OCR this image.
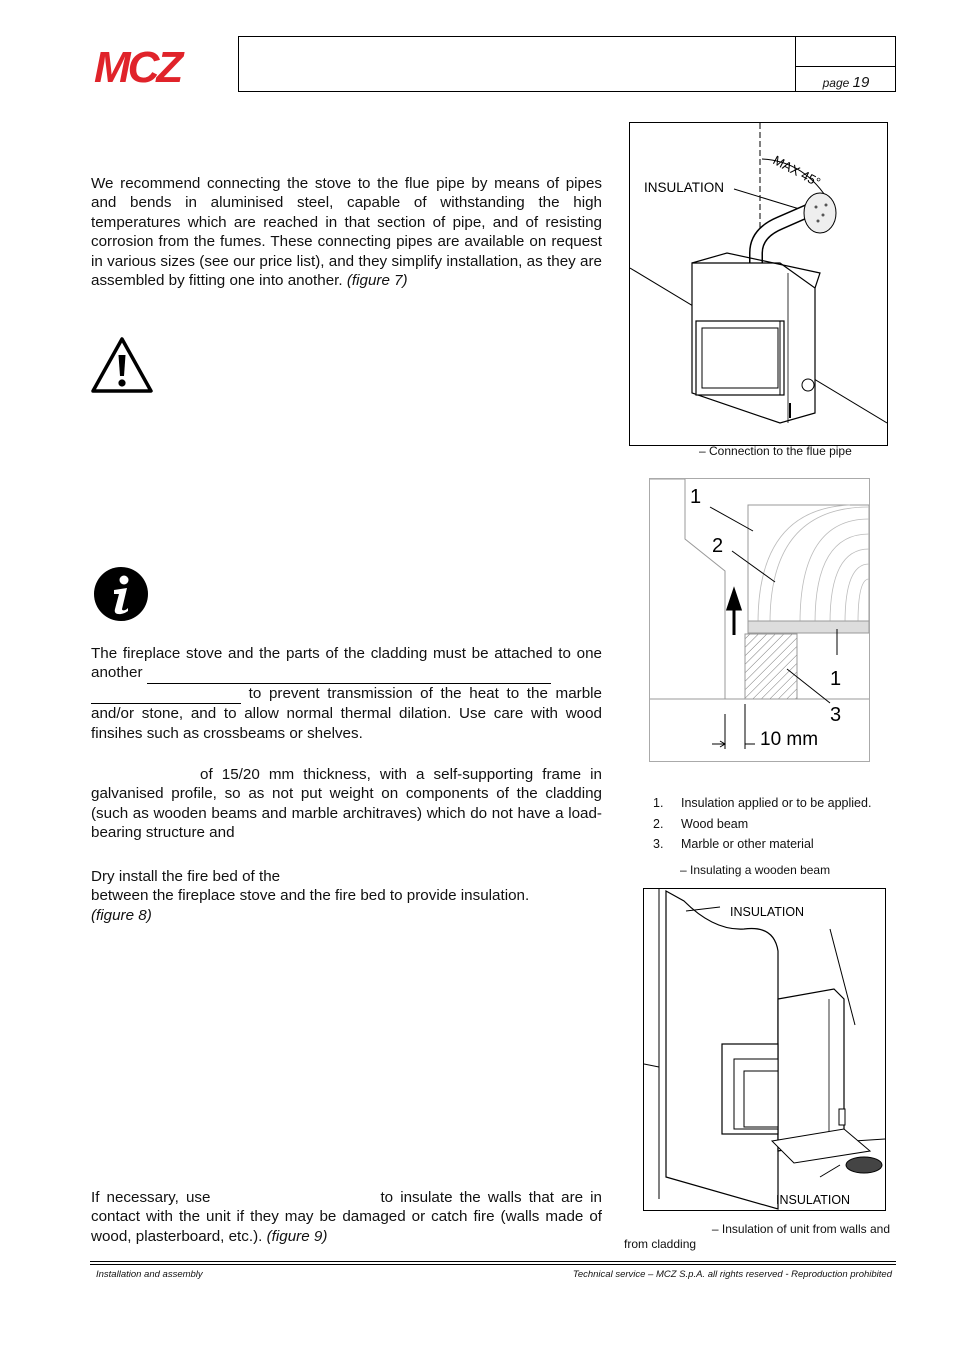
MCZ	page 19
We recommend connecting the stove to the flue pipe by means of pipes and bends in aluminised steel, capable of withstanding the high temperatures which are reached in that section of pipe, and of resisting corrosion from the fumes. These connecting pipes are available on request in various sizes (see our price list), and they simplify installation, as they are assembled by fitting one into another. (figure 7)
The fireplace stove and the parts of the cladding must be attached to one another
to prevent transmission of the heat to the marble and/or stone, and to allow normal thermal dilation. Use care with wood finsihes such as crossbeams or shelves.
of 15/20 mm thickness, with a self-supporting frame in galvanised profile, so as not put weight on components of the cladding (such as wooden beams and marble architraves) which do not have a load-bearing structure and
Dry install the fire bed of the
between the fireplace stove and the fire bed to provide insulation.
(figure 8)
If necessary, use	to insulate the walls that are in contact with the unit if they may be damaged or catch fire (walls made of wood, plasterboard, etc.). (figure 9)
INSULATION	MAX 45°
– Connection to the flue pipe
1
2
1
3
10 mm
1. Insulation applied or to be applied.
2. Wood beam
3. Marble or other material
– Insulating a wooden beam
INSULATION
INSULATION
– Insulation of unit from walls and
from cladding
Installation and assembly	Technical service – MCZ S.p.A. all rights reserved - Reproduction prohibited
